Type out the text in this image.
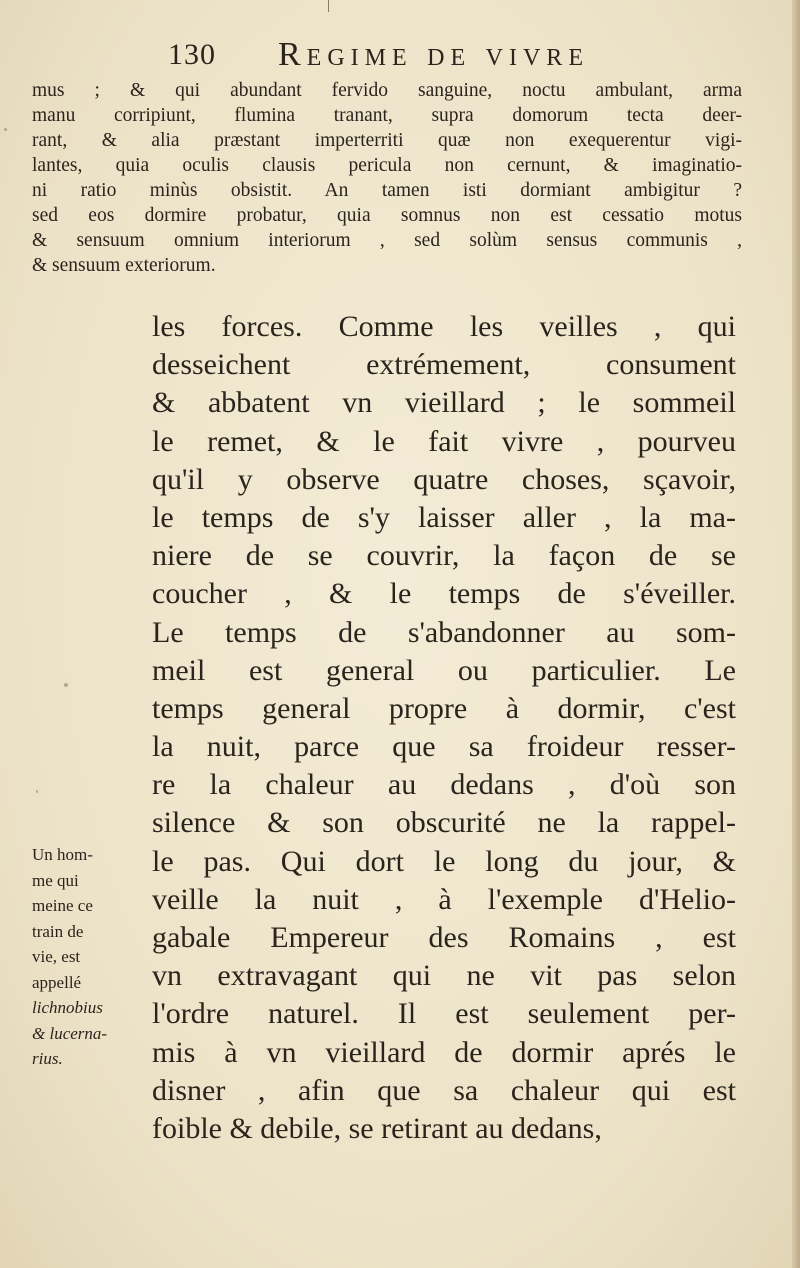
130 Regime de vivre
mus ; & qui abundant fervido sanguine, noctu ambulant, arma
manu corripiunt, flumina tranant, supra domorum tecta deer-
rant, & alia præstant imperterriti quæ non exequerentur vigi-
lantes, quia oculis clausis pericula non cernunt, & imaginatio-
ni ratio minùs obsistit. An tamen isti dormiant ambigitur ?
sed eos dormire probatur, quia somnus non est cessatio motus
& sensuum omnium interiorum , sed solùm sensus communis ,
& sensuum exteriorum.
les forces. Comme les veilles , qui
desseichent extrémement, consument
& abbatent vn vieillard ; le sommeil
le remet, & le fait vivre , pourveu
qu'il y observe quatre choses, sçavoir,
le temps de s'y laisser aller , la ma-
niere de se couvrir, la façon de se
coucher , & le temps de s'éveiller.
Le temps de s'abandonner au som-
meil est general ou particulier. Le
temps general propre à dormir, c'est
la nuit, parce que sa froideur resser-
re la chaleur au dedans , d'où son
silence & son obscurité ne la rappel-
le pas. Qui dort le long du jour, &
veille la nuit , à l'exemple d'Helio-
gabale Empereur des Romains , est
vn extravagant qui ne vit pas selon
l'ordre naturel. Il est seulement per-
mis à vn vieillard de dormir aprés le
disner , afin que sa chaleur qui est
foible & debile, se retirant au dedans,
Un hom-
me qui
meine ce
train de
vie, est
appellé
lichnobius
& lucerna-
rius.
